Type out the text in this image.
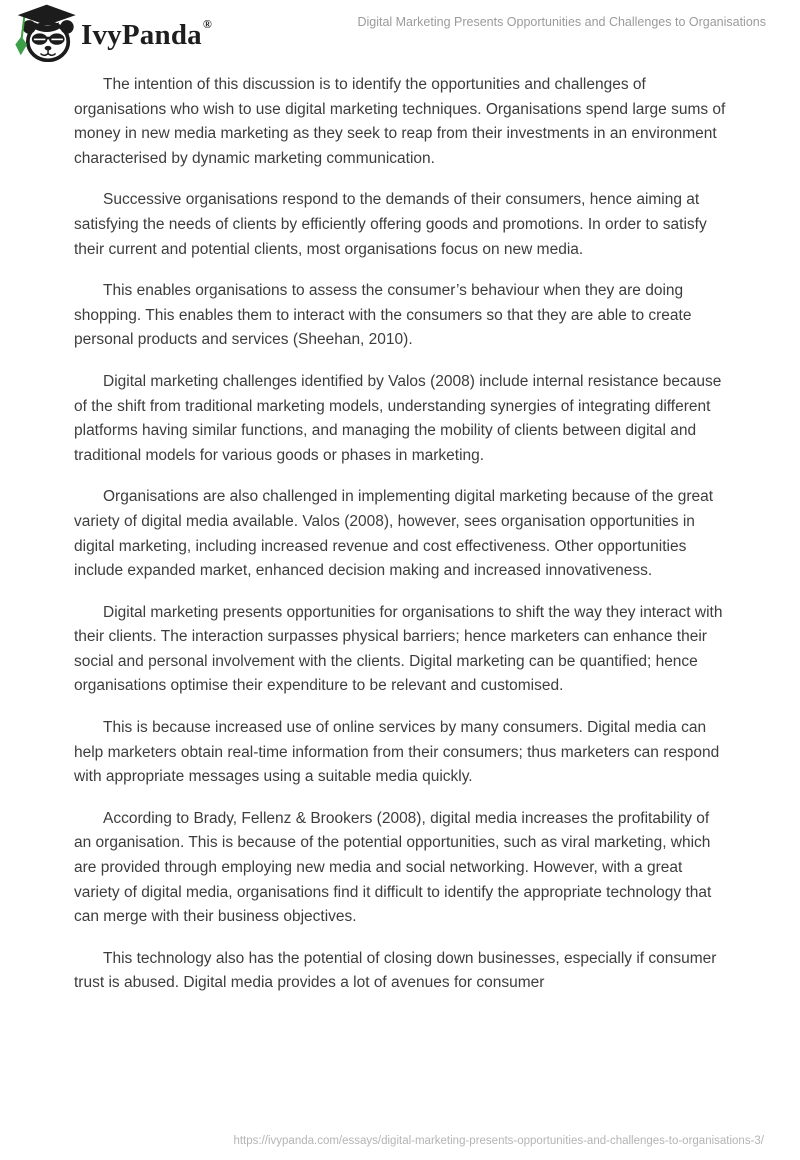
IvyPanda ®	Digital Marketing Presents Opportunities and Challenges to Organisations

The intention of this discussion is to identify the opportunities and challenges of organisations who wish to use digital marketing techniques. Organisations spend large sums of money in new media marketing as they seek to reap from their investments in an environment characterised by dynamic marketing communication.

Successive organisations respond to the demands of their consumers, hence aiming at satisfying the needs of clients by efficiently offering goods and promotions. In order to satisfy their current and potential clients, most organisations focus on new media.

This enables organisations to assess the consumer’s behaviour when they are doing shopping. This enables them to interact with the consumers so that they are able to create personal products and services (Sheehan, 2010).

Digital marketing challenges identified by Valos (2008) include internal resistance because of the shift from traditional marketing models, understanding synergies of integrating different platforms having similar functions, and managing the mobility of clients between digital and traditional models for various goods or phases in marketing.

Organisations are also challenged in implementing digital marketing because of the great variety of digital media available. Valos (2008), however, sees organisation opportunities in digital marketing, including increased revenue and cost effectiveness. Other opportunities include expanded market, enhanced decision making and increased innovativeness.

Digital marketing presents opportunities for organisations to shift the way they interact with their clients. The interaction surpasses physical barriers; hence marketers can enhance their social and personal involvement with the clients. Digital marketing can be quantified; hence organisations optimise their expenditure to be relevant and customised.

This is because increased use of online services by many consumers. Digital media can help marketers obtain real-time information from their consumers; thus marketers can respond with appropriate messages using a suitable media quickly.

According to Brady, Fellenz & Brookers (2008), digital media increases the profitability of an organisation. This is because of the potential opportunities, such as viral marketing, which are provided through employing new media and social networking. However, with a great variety of digital media, organisations find it difficult to identify the appropriate technology that can merge with their business objectives.

This technology also has the potential of closing down businesses, especially if consumer trust is abused. Digital media provides a lot of avenues for consumer

https://ivypanda.com/essays/digital-marketing-presents-opportunities-and-challenges-to-organisations-3/
